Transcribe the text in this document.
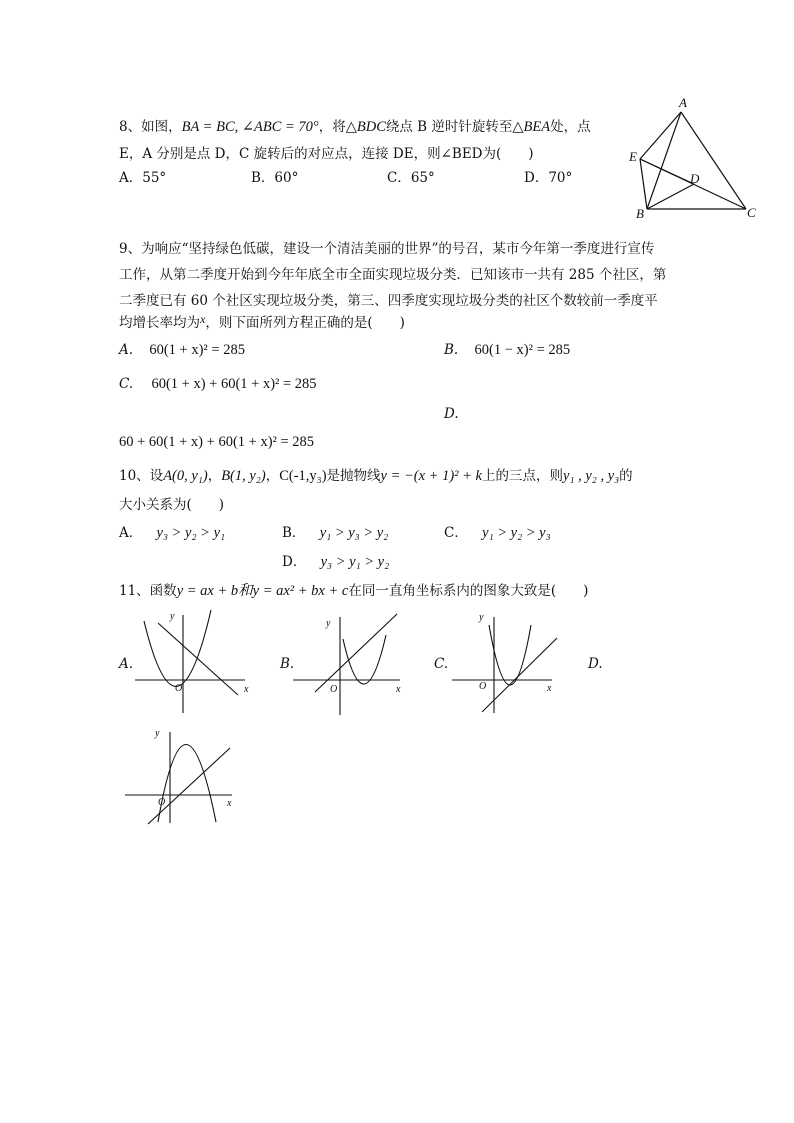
8、如图，BA = BC, ∠ABC = 70°，将△BDC绕点 B 逆时针旋转至△BEA处，点
E，A 分别是点 D，C 旋转后的对应点，连接 DE，则∠BED为(　　)
A．55°	B．60°	C．65°	D．70°
A
E
D
B	C
9、为响应“坚持绿色低碳，建设一个清洁美丽的世界”的号召，某市今年第一季度进行宣传
工作，从第二季度开始到今年年底全市全面实现垃圾分类．已知该市一共有 285 个社区，第
二季度已有 60 个社区实现垃圾分类，第三、四季度实现垃圾分类的社区个数较前一季度平
均增长率均为x，则下面所列方程正确的是(　　)
A. 60(1 + x)² = 285	B. 60(1 − x)² = 285
C. 60(1 + x) + 60(1 + x)² = 285
D.
60 + 60(1 + x) + 60(1 + x)² = 285
10、设A(0, y₁)，B(1, y₂)，C(-1,y₃)是抛物线y = −(x + 1)² + k上的三点，则y₁ , y₂ , y₃的
大小关系为(　　)
A． y₃ > y₂ > y₁	B． y₁ > y₃ > y₂	C． y₁ > y₂ > y₃
D． y₃ > y₁ > y₂
11、函数y = ax + b和y = ax² + bx + c在同一直角坐标系内的图象大致是(　　)
A.	B.	C.	D.
x
y
O	x
y
O	x
y
O
x
y
O
